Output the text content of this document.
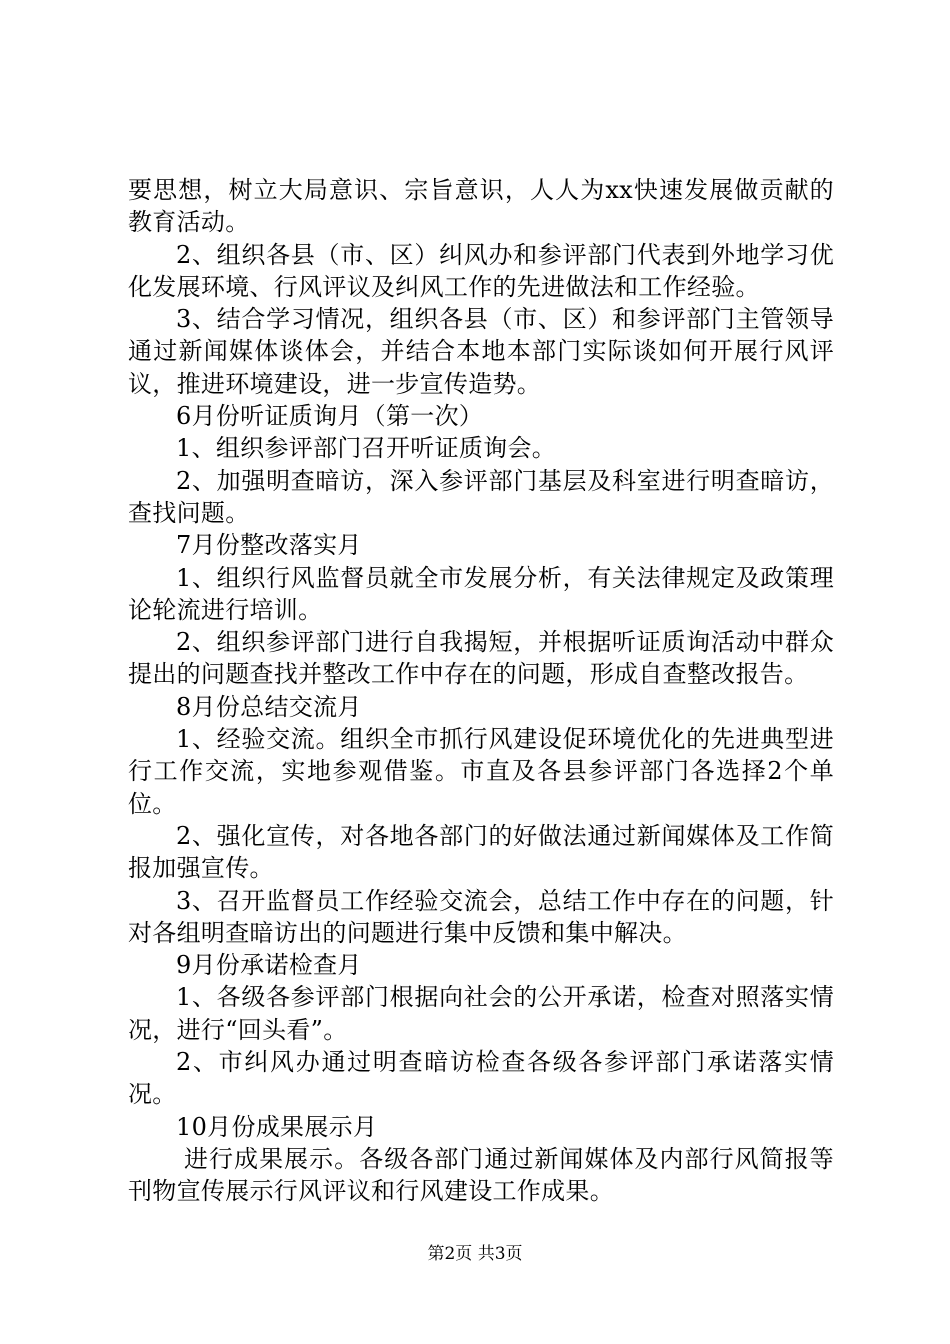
要思想，树立大局意识、宗旨意识，人人为xx快速发展做贡献的教育活动。

2、组织各县（市、区）纠风办和参评部门代表到外地学习优化发展环境、行风评议及纠风工作的先进做法和工作经验。

3、结合学习情况，组织各县（市、区）和参评部门主管领导通过新闻媒体谈体会，并结合本地本部门实际谈如何开展行风评议，推进环境建设，进一步宣传造势。

6月份听证质询月（第一次）

1、组织参评部门召开听证质询会。

2、加强明查暗访，深入参评部门基层及科室进行明查暗访，查找问题。

7月份整改落实月

1、组织行风监督员就全市发展分析，有关法律规定及政策理论轮流进行培训。

2、组织参评部门进行自我揭短，并根据听证质询活动中群众提出的问题查找并整改工作中存在的问题，形成自查整改报告。

8月份总结交流月

1、经验交流。组织全市抓行风建设促环境优化的先进典型进行工作交流，实地参观借鉴。市直及各县参评部门各选择2个单位。

2、强化宣传，对各地各部门的好做法通过新闻媒体及工作简报加强宣传。

3、召开监督员工作经验交流会，总结工作中存在的问题，针对各组明查暗访出的问题进行集中反馈和集中解决。

9月份承诺检查月

1、各级各参评部门根据向社会的公开承诺，检查对照落实情况，进行“回头看”。

2、市纠风办通过明查暗访检查各级各参评部门承诺落实情况。

10月份成果展示月

进行成果展示。各级各部门通过新闻媒体及内部行风简报等刊物宣传展示行风评议和行风建设工作成果。

第2页 共3页
